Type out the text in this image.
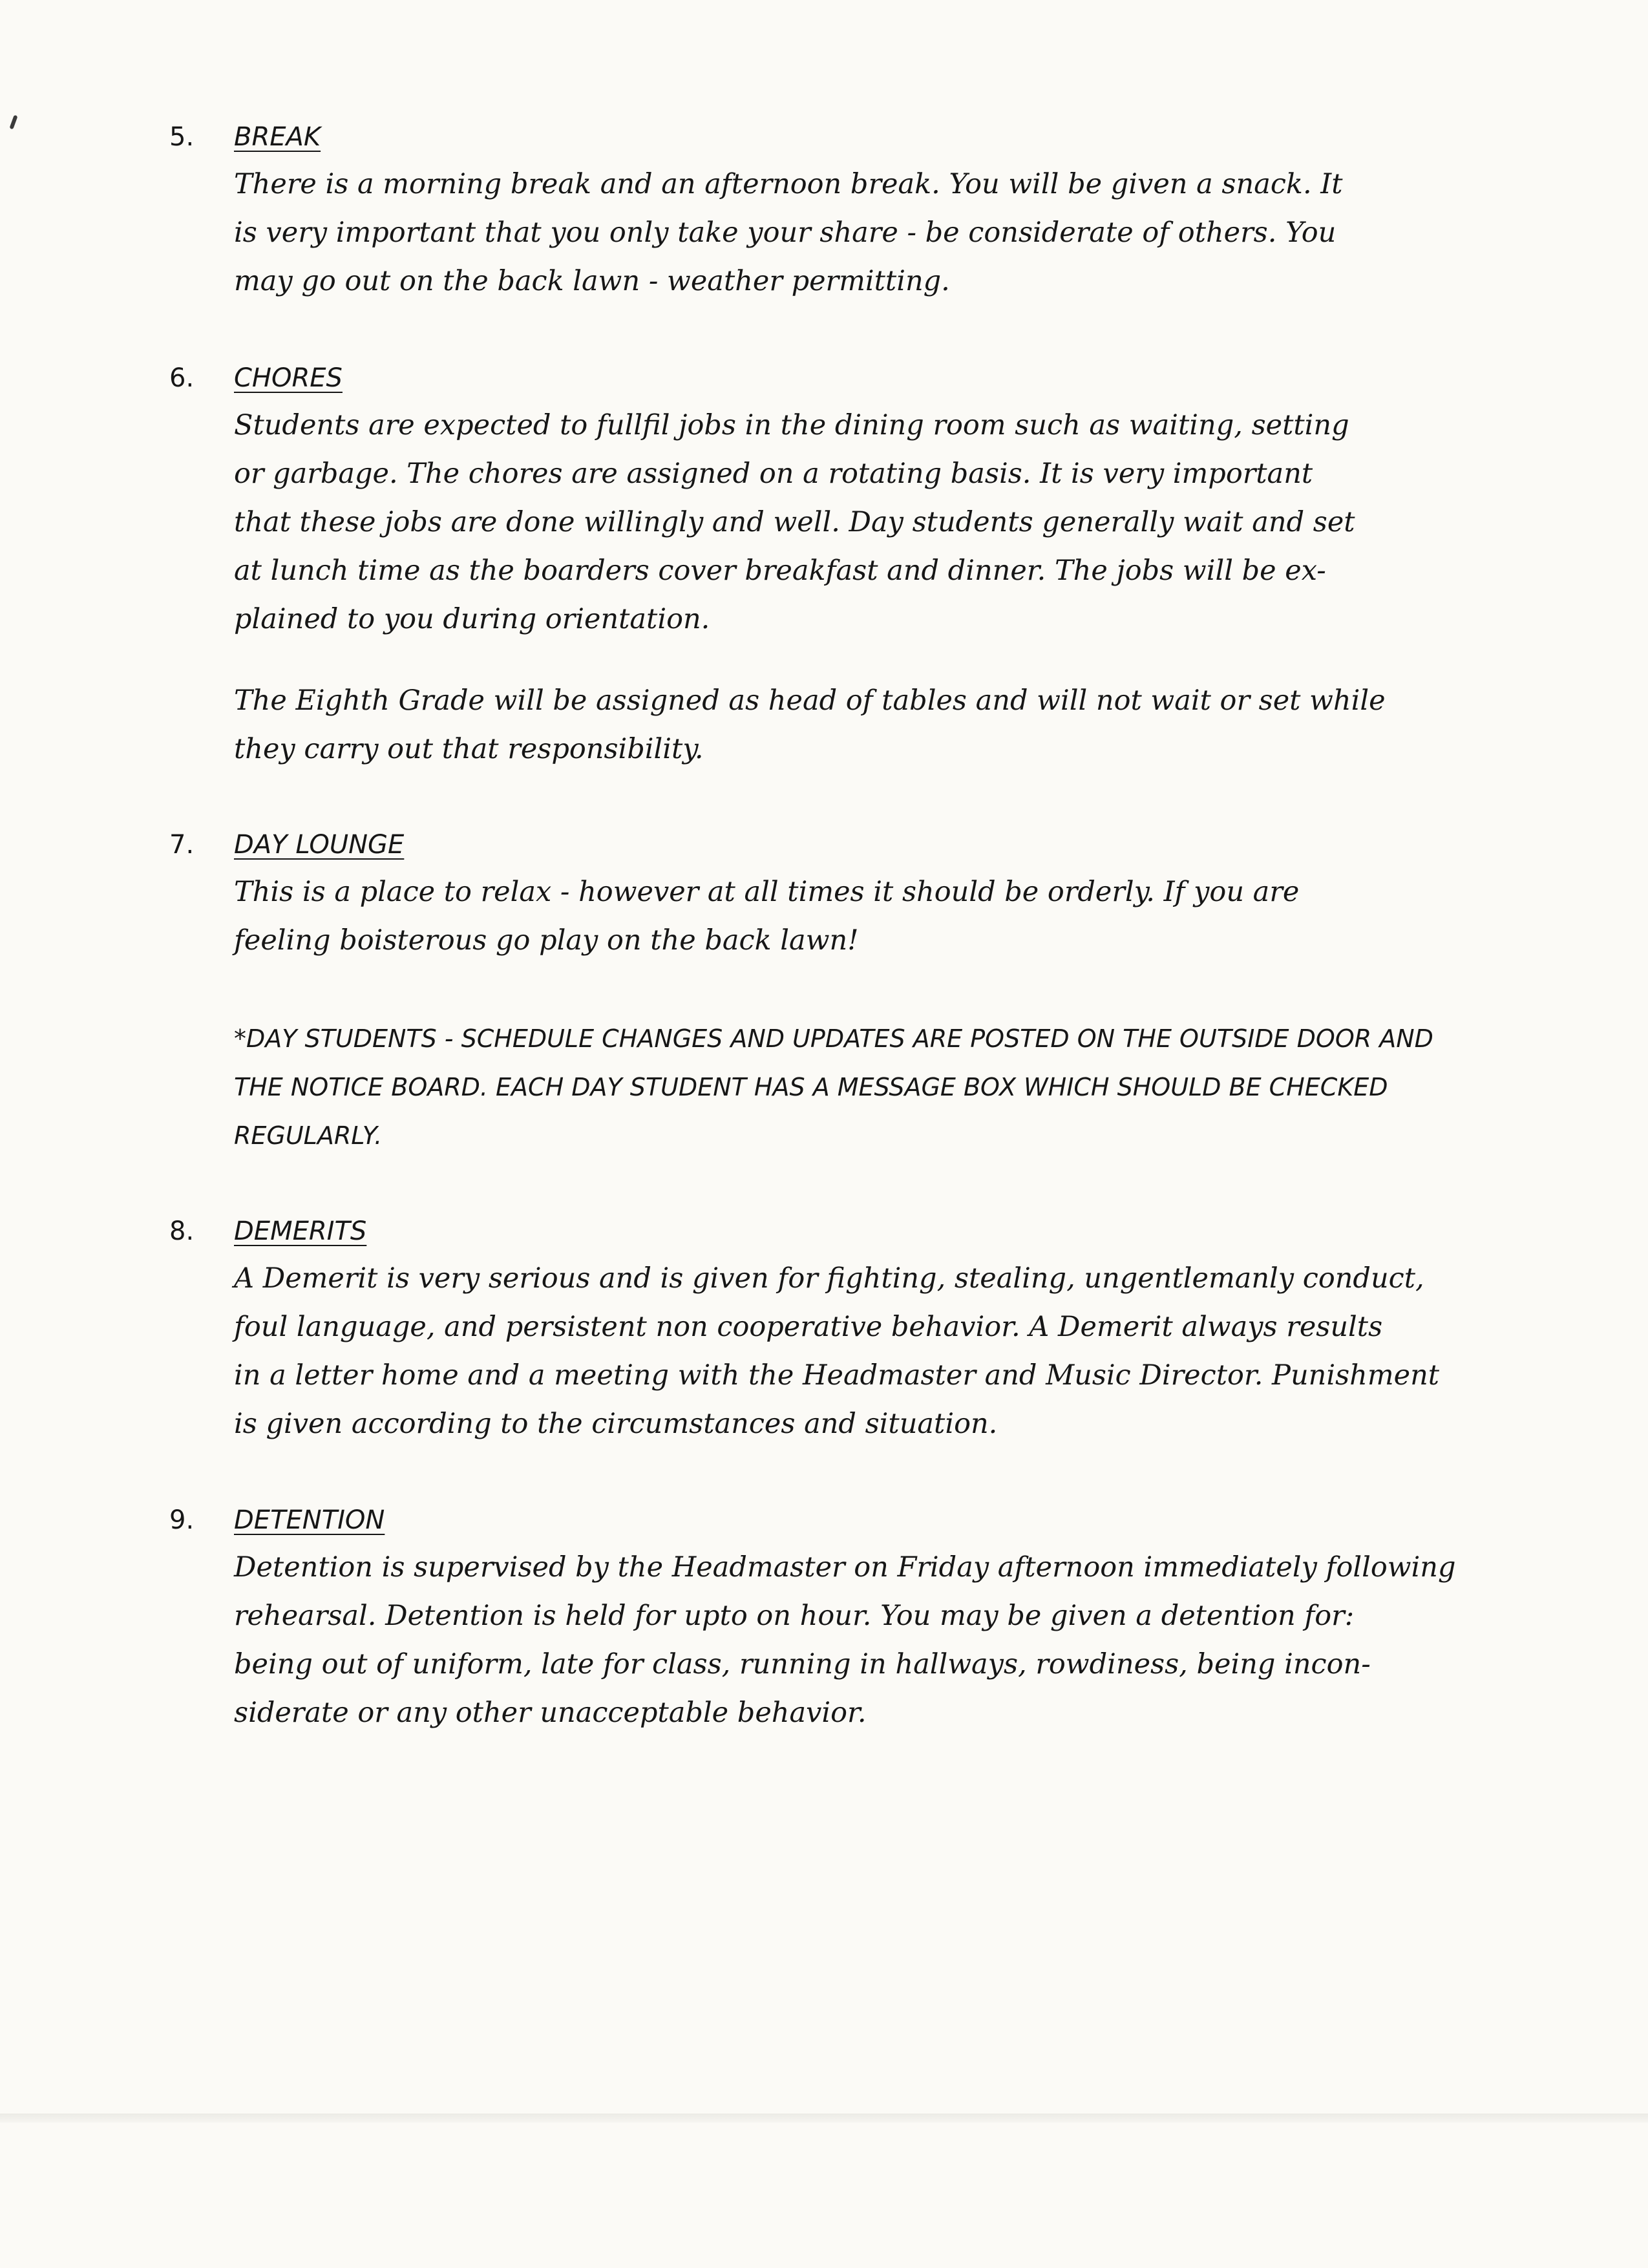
5. BREAK

There is a morning break and an afternoon break. You will be given a snack. It
is very important that you only take your share - be considerate of others. You
may go out on the back lawn - weather permitting.

6. CHORES

Students are expected to fullfil jobs in the dining room such as waiting, setting
or garbage. The chores are assigned on a rotating basis. It is very important
that these jobs are done willingly and well. Day students generally wait and set
at lunch time as the boarders cover breakfast and dinner. The jobs will be ex-
plained to you during orientation.

The Eighth Grade will be assigned as head of tables and will not wait or set while
they carry out that responsibility.

7. DAY LOUNGE

This is a place to relax - however at all times it should be orderly. If you are
feeling boisterous go play on the back lawn!

*DAY STUDENTS - SCHEDULE CHANGES AND UPDATES ARE POSTED ON THE OUTSIDE DOOR AND
THE NOTICE BOARD. EACH DAY STUDENT HAS A MESSAGE BOX WHICH SHOULD BE CHECKED
REGULARLY.

8. DEMERITS

A Demerit is very serious and is given for fighting, stealing, ungentlemanly conduct,
foul language, and persistent non cooperative behavior. A Demerit always results
in a letter home and a meeting with the Headmaster and Music Director. Punishment
is given according to the circumstances and situation.

9. DETENTION

Detention is supervised by the Headmaster on Friday afternoon immediately following
rehearsal. Detention is held for upto on hour. You may be given a detention for:
being out of uniform, late for class, running in hallways, rowdiness, being incon-
siderate or any other unacceptable behavior.
